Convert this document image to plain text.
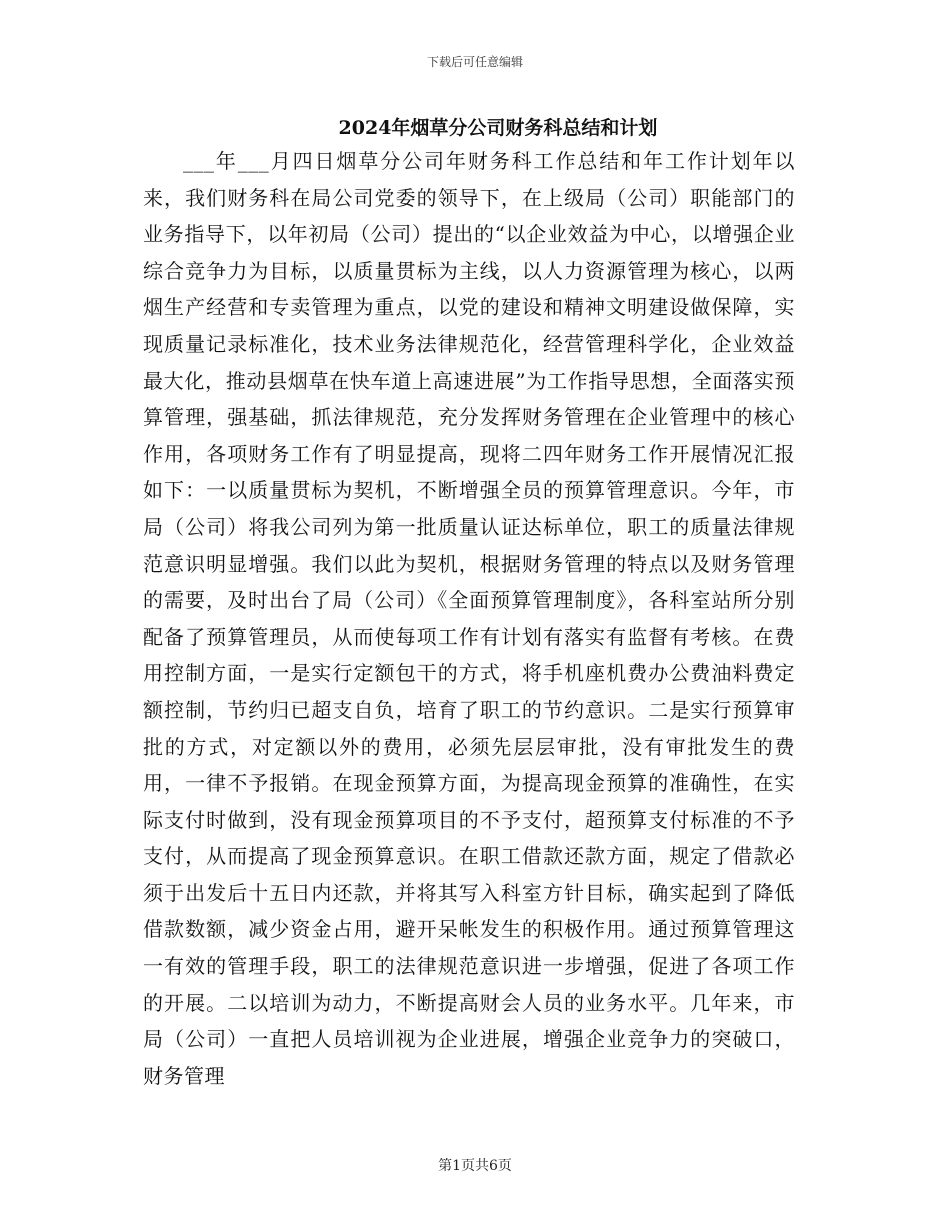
下载后可任意编辑
2024年烟草分公司财务科总结和计划

___年___月四日烟草分公司年财务科工作总结和年工作计划年以来，我们财务科在局公司党委的领导下，在上级局（公司）职能部门的业务指导下，以年初局（公司）提出的“以企业效益为中心，以增强企业综合竞争力为目标，以质量贯标为主线，以人力资源管理为核心，以两烟生产经营和专卖管理为重点，以党的建设和精神文明建设做保障，实现质量记录标准化，技术业务法律规范化，经营管理科学化，企业效益最大化，推动县烟草在快车道上高速进展”为工作指导思想，全面落实预算管理，强基础，抓法律规范，充分发挥财务管理在企业管理中的核心作用，各项财务工作有了明显提高，现将二四年财务工作开展情况汇报如下：一以质量贯标为契机，不断增强全员的预算管理意识。今年，市局（公司）将我公司列为第一批质量认证达标单位，职工的质量法律规范意识明显增强。我们以此为契机，根据财务管理的特点以及财务管理的需要，及时出台了局（公司）《全面预算管理制度》，各科室站所分别配备了预算管理员，从而使每项工作有计划有落实有监督有考核。在费用控制方面，一是实行定额包干的方式，将手机座机费办公费油料费定额控制，节约归已超支自负，培育了职工的节约意识。二是实行预算审批的方式，对定额以外的费用，必须先层层审批，没有审批发生的费用，一律不予报销。在现金预算方面，为提高现金预算的准确性，在实际支付时做到，没有现金预算项目的不予支付，超预算支付标准的不予支付，从而提高了现金预算意识。在职工借款还款方面，规定了借款必须于出发后十五日内还款，并将其写入科室方针目标，确实起到了降低借款数额，减少资金占用，避开呆帐发生的积极作用。通过预算管理这一有效的管理手段，职工的法律规范意识进一步增强，促进了各项工作的开展。二以培训为动力，不断提高财会人员的业务水平。几年来，市局（公司）一直把人员培训视为企业进展，增强企业竞争力的突破口，财务管理

第1页共6页
